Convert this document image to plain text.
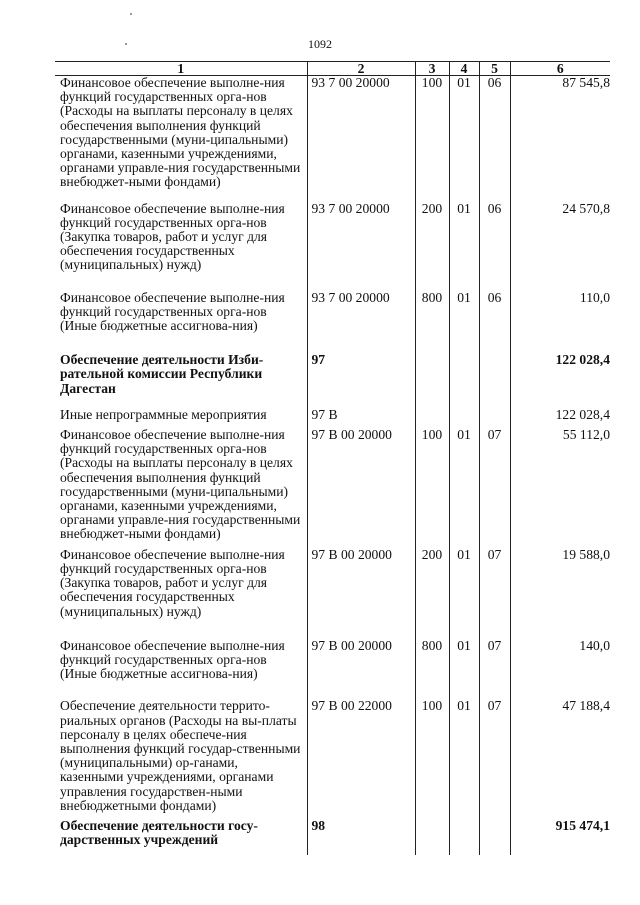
1092
1	2	3	4	5	6
Финансовое обеспечение выполне-ния функций государственных орга-нов (Расходы на выплаты персоналу в целях обеспечения выполнения функций государственными (муни-ципальными) органами, казенными учреждениями, органами управле-ния государственными внебюджет-ными фондами)	93 7 00 20000	100	01	06	87 545,8
Финансовое обеспечение выполне-ния функций государственных орга-нов (Закупка товаров, работ и услуг для обеспечения государственных (муниципальных) нужд)	93 7 00 20000	200	01	06	24 570,8
Финансовое обеспечение выполне-ния функций государственных орга-нов (Иные бюджетные ассигнова-ния)	93 7 00 20000	800	01	06	110,0
Обеспечение деятельности Изби-рательной комиссии Республики Дагестан	97				122 028,4
Иные непрограммные мероприятия	97 В				122 028,4
Финансовое обеспечение выполне-ния функций государственных орга-нов (Расходы на выплаты персоналу в целях обеспечения выполнения функций государственными (муни-ципальными) органами, казенными учреждениями, органами управле-ния государственными внебюджет-ными фондами)	97 В 00 20000	100	01	07	55 112,0
Финансовое обеспечение выполне-ния функций государственных орга-нов (Закупка товаров, работ и услуг для обеспечения государственных (муниципальных) нужд)	97 В 00 20000	200	01	07	19 588,0
Финансовое обеспечение выполне-ния функций государственных орга-нов (Иные бюджетные ассигнова-ния)	97 В 00 20000	800	01	07	140,0
Обеспечение деятельности террито-риальных органов (Расходы на вы-платы персоналу в целях обеспече-ния выполнения функций государ-ственными (муниципальными) ор-ганами, казенными учреждениями, органами управления государствен-ными внебюджетными фондами)	97 В 00 22000	100	01	07	47 188,4
Обеспечение деятельности госу-дарственных учреждений	98				915 474,1
